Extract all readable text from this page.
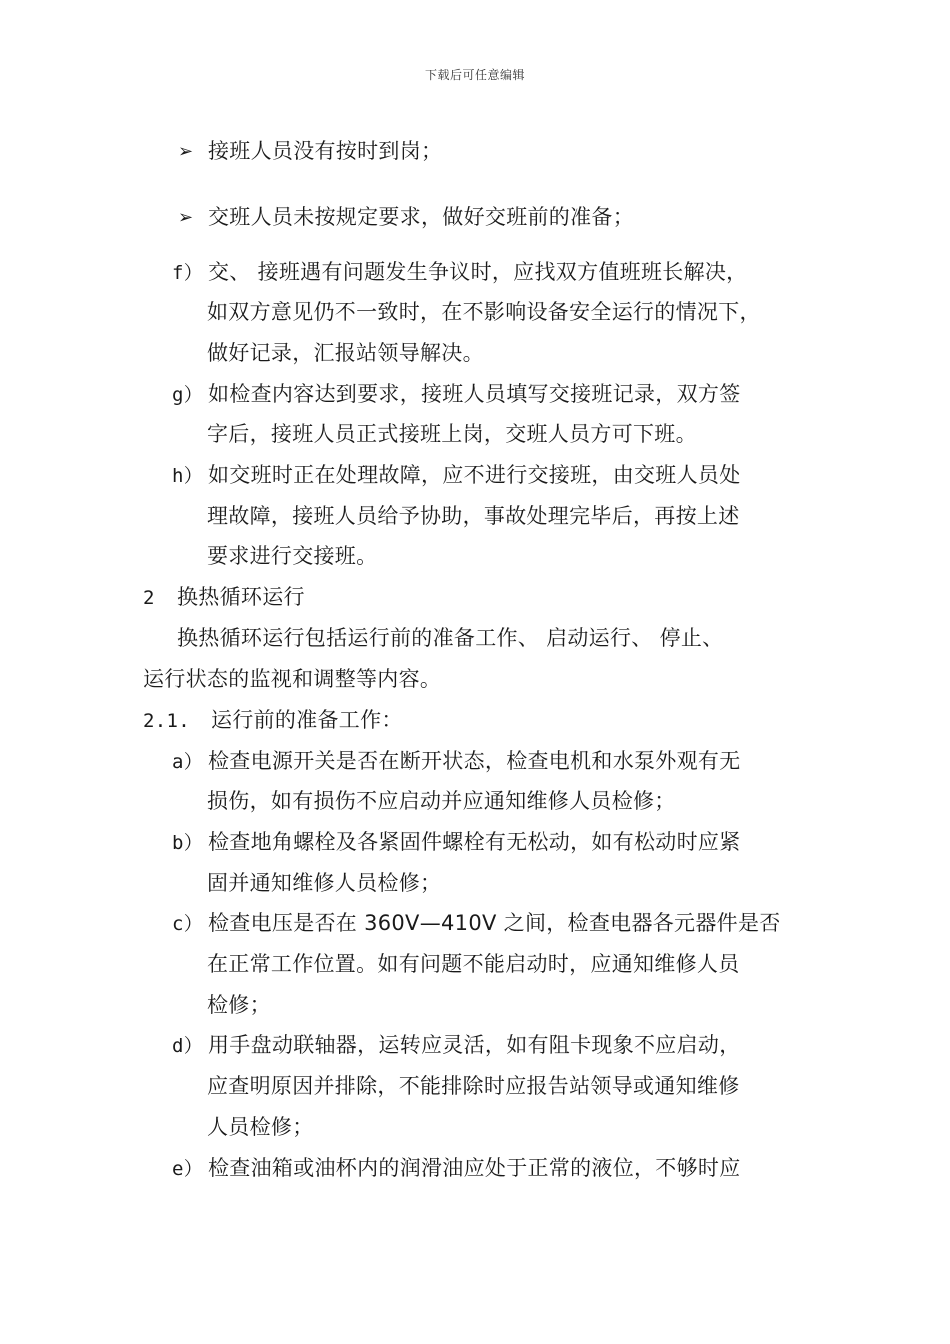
下载后可任意编辑
➢ 接班人员没有按时到岗；
➢ 交班人员未按规定要求，做好交班前的准备；
f） 交、 接班遇有问题发生争议时，应找双方值班班长解决，
如双方意见仍不一致时，在不影响设备安全运行的情况下，
做好记录，汇报站领导解决。
g） 如检查内容达到要求，接班人员填写交接班记录，双方签
字后，接班人员正式接班上岗，交班人员方可下班。
h） 如交班时正在处理故障，应不进行交接班，由交班人员处
理故障，接班人员给予协助，事故处理完毕后，再按上述
要求进行交接班。
2 换热循环运行
换热循环运行包括运行前的准备工作、 启动运行、 停止、
运行状态的监视和调整等内容。
2.1. 运行前的准备工作：
a） 检查电源开关是否在断开状态，检查电机和水泵外观有无
损伤，如有损伤不应启动并应通知维修人员检修；
b） 检查地角螺栓及各紧固件螺栓有无松动，如有松动时应紧
固并通知维修人员检修；
c） 检查电压是否在 360V—410V 之间，检查电器各元器件是否
在正常工作位置。如有问题不能启动时，应通知维修人员
检修；
d） 用手盘动联轴器，运转应灵活，如有阻卡现象不应启动，
应查明原因并排除，不能排除时应报告站领导或通知维修
人员检修；
e） 检查油箱或油杯内的润滑油应处于正常的液位，不够时应
